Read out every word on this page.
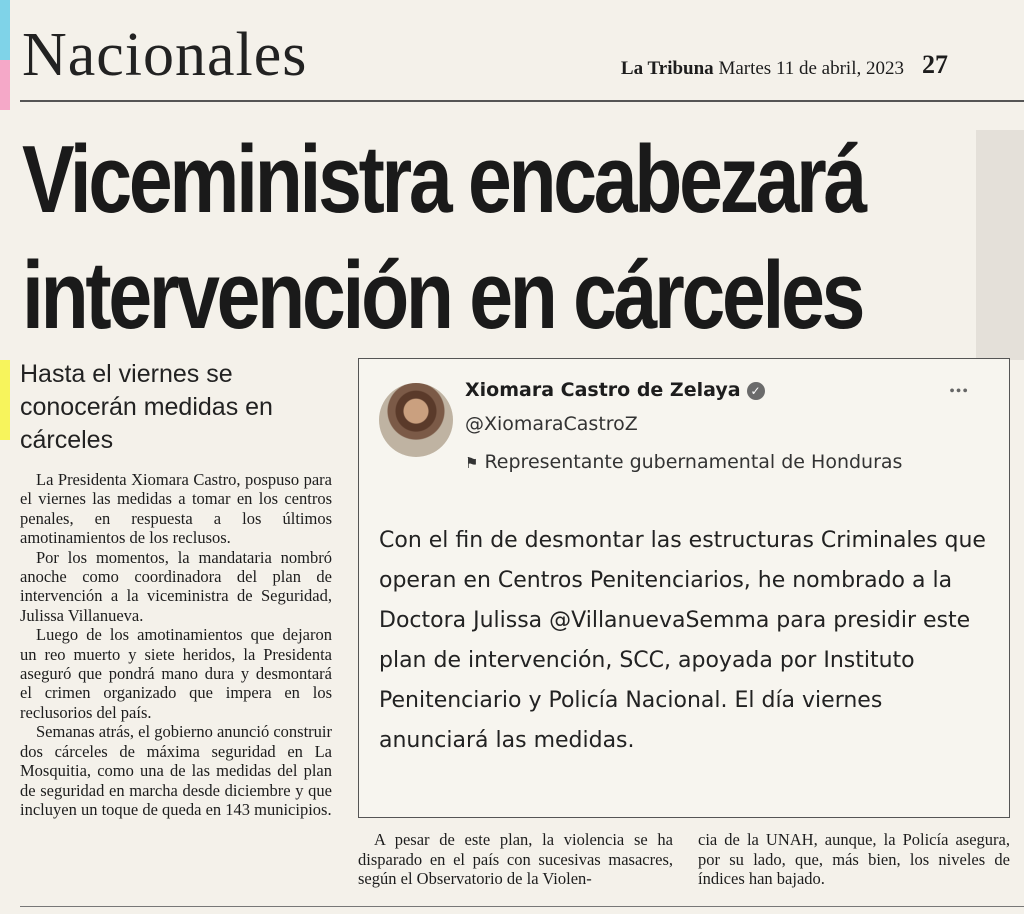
Nacionales	La Tribuna Martes 11 de abril, 2023 27
Viceministra encabezará
intervención en cárceles
Hasta el viernes se conocerán medidas en cárceles

La Presidenta Xiomara Castro, pospuso para el viernes las medidas a tomar en los centros penales, en respuesta a los últimos amotinamientos de los reclusos.

Por los momentos, la mandataria nombró anoche como coordinadora del plan de intervención a la viceministra de Seguridad, Julissa Villanueva.

Luego de los amotinamientos que dejaron un reo muerto y siete heridos, la Presidenta aseguró que pondrá mano dura y desmontará el crimen organizado que impera en los reclusorios del país.

Semanas atrás, el gobierno anunció construir dos cárceles de máxima seguridad en La Mosquitia, como una de las medidas del plan de seguridad en marcha desde diciembre y que incluyen un toque de queda en 143 municipios.

Xiomara Castro de Zelaya ✓
@XiomaraCastroZ
⚑ Representante gubernamental de Honduras
•••
Con el fin de desmontar las estructuras Criminales que operan en Centros Penitenciarios, he nombrado a la Doctora Julissa @VillanuevaSemma para presidir este plan de intervención, SCC, apoyada por Instituto Penitenciario y Policía Nacional. El día viernes anunciará las medidas.

A pesar de este plan, la violencia se ha disparado en el país con sucesivas masacres, según el Observatorio de la Violen-

cia de la UNAH, aunque, la Policía asegura, por su lado, que, más bien, los niveles de índices han bajado.
